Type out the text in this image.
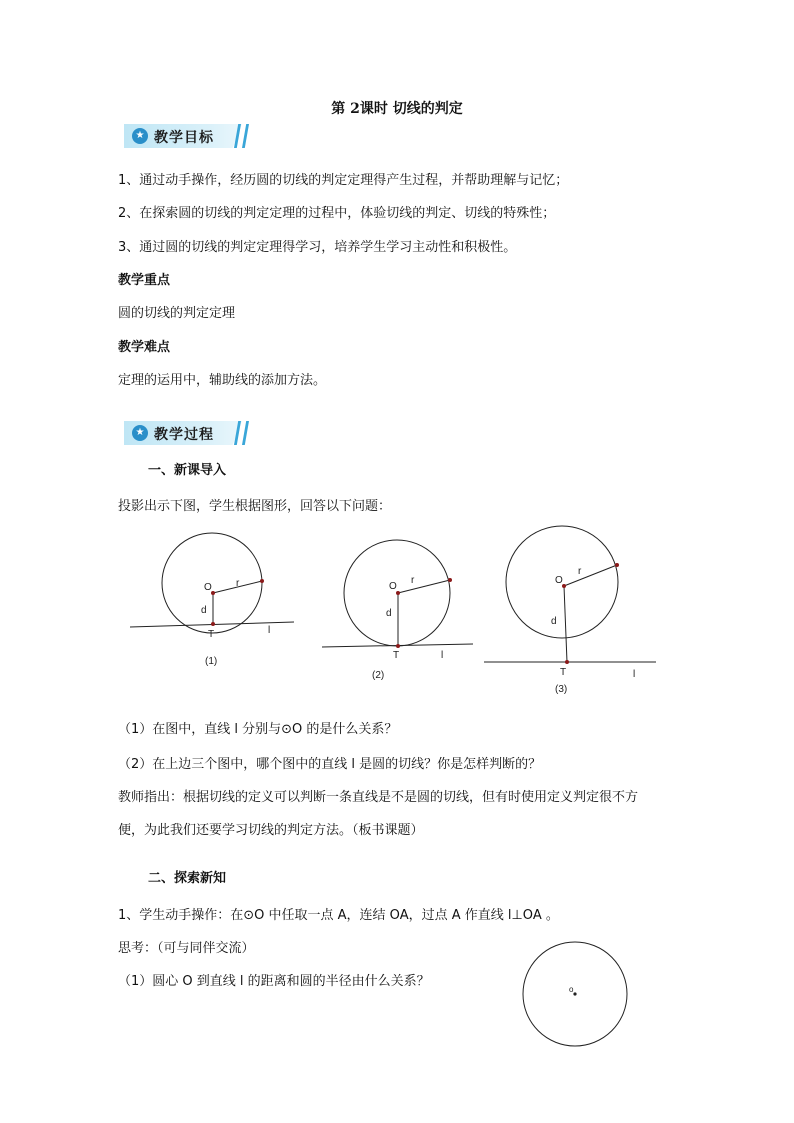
第 2课时 切线的判定
★ 教学目标
1、通过动手操作，经历圆的切线的判定定理得产生过程，并帮助理解与记忆；
2、在探索圆的切线的判定定理的过程中，体验切线的判定、切线的特殊性；
3、通过圆的切线的判定定理得学习，培养学生学习主动性和积极性。
教学重点
圆的切线的判定定理
教学难点
定理的运用中，辅助线的添加方法。
★ 教学过程
一、新课导入
投影出示下图，学生根据图形，回答以下问题：
O r
d
T	l
(1)
O
r
d
T	l
(2)
O
r
d
T	l
(3)
（1）在图中，直线 l 分别与⊙O 的是什么关系？
（2）在上边三个图中，哪个图中的直线 l 是圆的切线？你是怎样判断的？
教师指出：根据切线的定义可以判断一条直线是不是圆的切线，但有时使用定义判定很不方
便，为此我们还要学习切线的判定方法。（板书课题）
二、探索新知
1、学生动手操作：在⊙O 中任取一点 A，连结 OA，过点 A 作直线 l⊥OA 。
思考：（可与同伴交流）
（1）圆心 O 到直线 l 的距离和圆的半径由什么关系？
o
